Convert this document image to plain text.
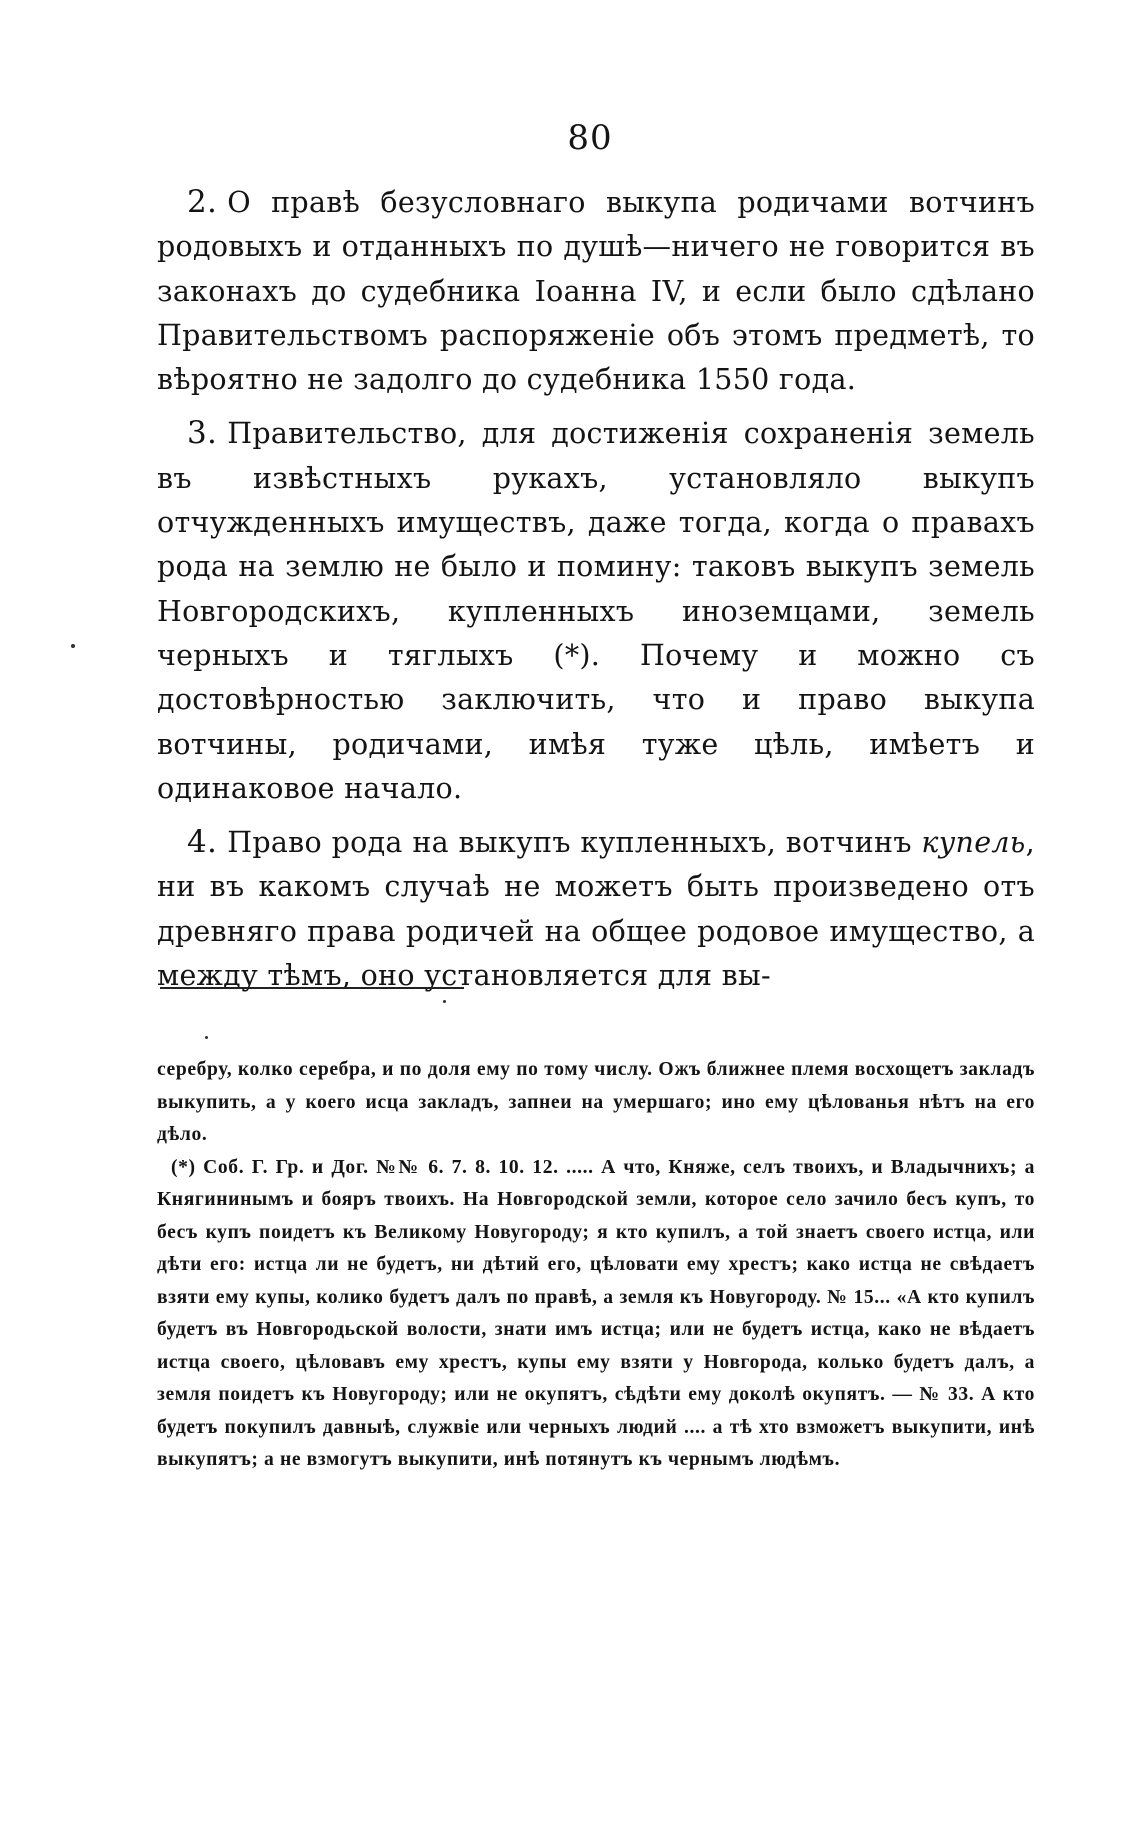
80

2. О правѣ безусловнаго выкупа родичами вотчинъ родовыхъ и отданныхъ по душѣ—ничего не говорится въ законахъ до судебника Іоанна IV, и если было сдѣлано Правительствомъ распоряженіе объ этомъ предметѣ, то вѣроятно не задолго до судебника 1550 года.

3. Правительство, для достиженія сохраненія земель въ извѣстныхъ рукахъ, установляло выкупъ отчужденныхъ имуществъ, даже тогда, когда о правахъ рода на землю не было и помину: таковъ выкупъ земель Новгородскихъ, купленныхъ иноземцами, земель черныхъ и тяглыхъ (*). Почему и можно съ достовѣрностью заключить, что и право выкупа вотчины, родичами, имѣя туже цѣль, имѣетъ и одинаковое начало.

4. Право рода на выкупъ купленныхъ, вотчинъ купель, ни въ какомъ случаѣ не можетъ быть произведено отъ древняго права родичей на общее родовое имущество, а между тѣмъ, оно установляется для вы-

серебру, колко серебра, и по доля ему по тому числу. Ожъ ближнее племя восхощетъ закладъ выкупить, а у коего исца закладъ, запнеи на умершаго; ино ему цѣлованья нѣтъ на его дѣло.

(*) Соб. Г. Гр. и Дог. №№ 6. 7. 8. 10. 12. ..... А что, Княже, селъ твоихъ, и Владычнихъ; а Княгининымъ и бояръ твоихъ. На Новгородской земли, которое село зачило бесъ купъ, то бесъ купъ поидетъ къ Великому Новугороду; я кто купилъ, а той знаетъ своего истца, или дѣти его: истца ли не будетъ, ни дѣтий его, цѣловати ему хрестъ; како истца не свѣдаетъ взяти ему купы, колико будетъ далъ по правѣ, а земля къ Новугороду. № 15... «А кто купилъ будетъ въ Новгородьской волости, знати имъ истца; или не будетъ истца, како не вѣдаетъ истца своего, цѣловавъ ему хрестъ, купы ему взяти у Новгорода, колько будетъ далъ, а земля поидетъ къ Новугороду; или не окупятъ, сѣдѣти ему доколѣ окупятъ. — № 33. А кто будетъ покупилъ давныѣ, служвіе или черныхъ людий .... а тѣ хто взможетъ выкупити, инѣ выкупятъ; а не взмогутъ выкупити, инѣ потянутъ къ чернымъ людѣмъ.
